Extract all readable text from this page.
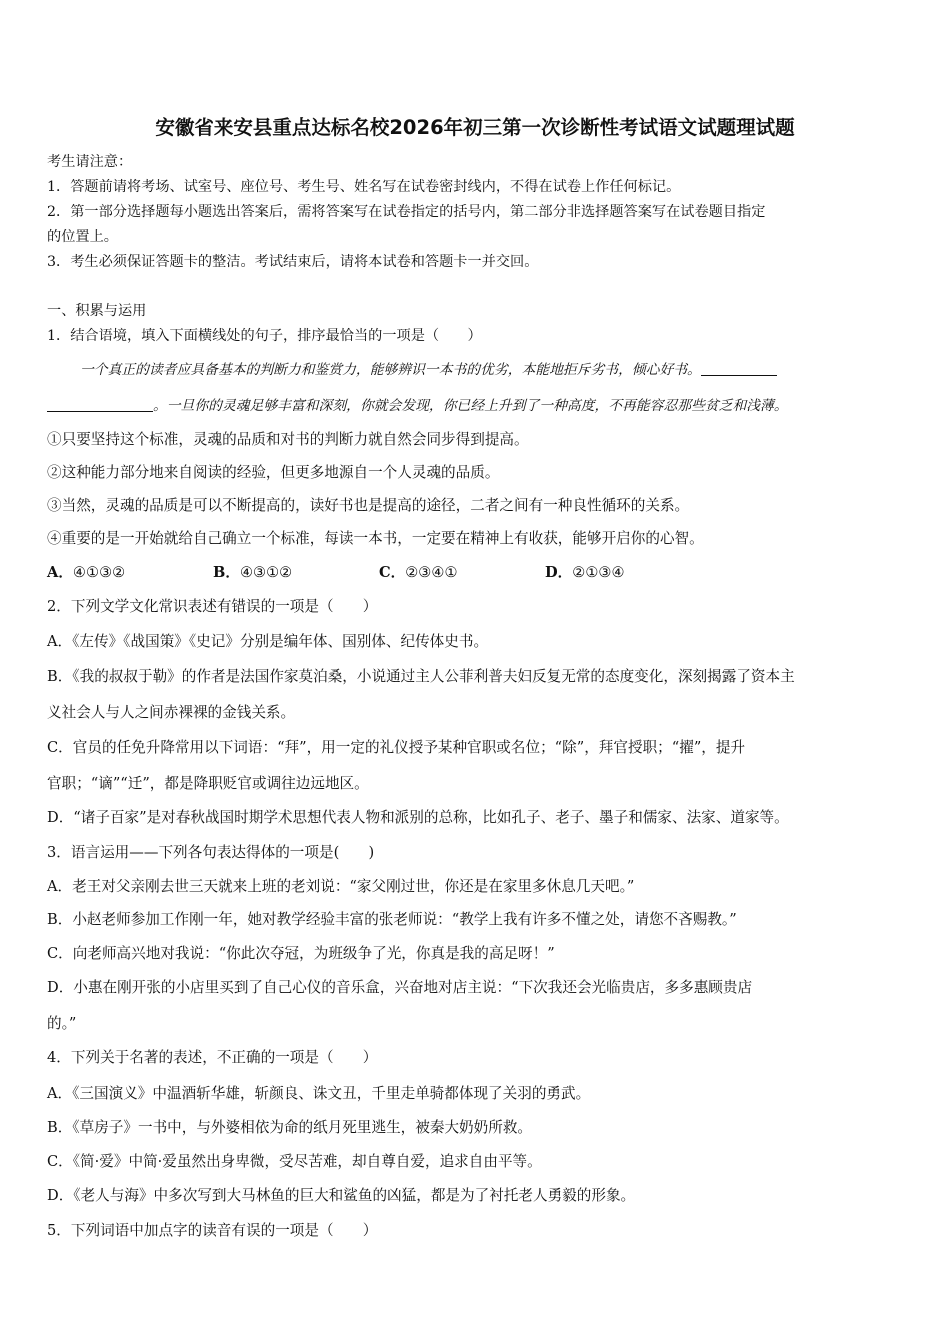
安徽省来安县重点达标名校2026年初三第一次诊断性考试语文试题理试题
考生请注意：
1．答题前请将考场、试室号、座位号、考生号、姓名写在试卷密封线内，不得在试卷上作任何标记。
2．第一部分选择题每小题选出答案后，需将答案写在试卷指定的括号内，第二部分非选择题答案写在试卷题目指定
的位置上。
3．考生必须保证答题卡的整洁。考试结束后，请将本试卷和答题卡一并交回。
一、积累与运用
1．结合语境，填入下面横线处的句子，排序最恰当的一项是（　　）
一个真正的读者应具备基本的判断力和鉴赏力，能够辨识一本书的优劣，本能地拒斥劣书，倾心好书。
。一旦你的灵魂足够丰富和深刻，你就会发现，你已经上升到了一种高度，不再能容忍那些贫乏和浅薄。
①只要坚持这个标准，灵魂的品质和对书的判断力就自然会同步得到提高。
②这种能力部分地来自阅读的经验，但更多地源自一个人灵魂的品质。
③当然，灵魂的品质是可以不断提高的，读好书也是提高的途径，二者之间有一种良性循环的关系。
④重要的是一开始就给自己确立一个标准，每读一本书，一定要在精神上有收获，能够开启你的心智。
A．④①③②	B．④③①②	C．②③④①	D．②①③④
2．下列文学文化常识表述有错误的一项是（　　）
A．《左传》《战国策》《史记》分别是编年体、国别体、纪传体史书。
B．《我的叔叔于勒》的作者是法国作家莫泊桑，小说通过主人公菲利普夫妇反复无常的态度变化，深刻揭露了资本主
义社会人与人之间赤裸裸的金钱关系。
C．官员的任免升降常用以下词语：“拜”，用一定的礼仪授予某种官职或名位；“除”，拜官授职；“擢”，提升
官职；“谪”“迁”，都是降职贬官或调往边远地区。
D．“诸子百家”是对春秋战国时期学术思想代表人物和派别的总称，比如孔子、老子、墨子和儒家、法家、道家等。
3．语言运用——下列各句表达得体的一项是(　　)
A．老王对父亲刚去世三天就来上班的老刘说：“家父刚过世，你还是在家里多休息几天吧。”
B．小赵老师参加工作刚一年，她对教学经验丰富的张老师说：“教学上我有许多不懂之处，请您不吝赐教。”
C．向老师高兴地对我说：“你此次夺冠，为班级争了光，你真是我的高足呀！”
D．小惠在刚开张的小店里买到了自己心仪的音乐盒，兴奋地对店主说：“下次我还会光临贵店，多多惠顾贵店
的。”
4．下列关于名著的表述，不正确的一项是（　　）
A．《三国演义》中温酒斩华雄，斩颜良、诛文丑，千里走单骑都体现了关羽的勇武。
B．《草房子》一书中，与外婆相依为命的纸月死里逃生，被秦大奶奶所救。
C．《简·爱》中简·爱虽然出身卑微，受尽苦难，却自尊自爱，追求自由平等。
D．《老人与海》中多次写到大马林鱼的巨大和鲨鱼的凶猛，都是为了衬托老人勇毅的形象。
5．下列词语中加点字的读音有误的一项是（　　）
